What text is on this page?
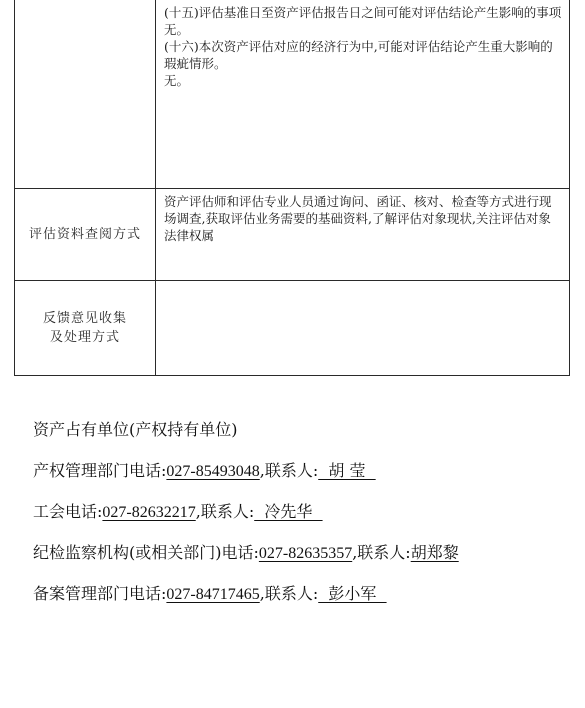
	(十五)评估基准日至资产评估报告日之间可能对评估结论产生影响的事项

无。

(十六)本次资产评估对应的经济行为中,可能对评估结论产生重大影响的瑕疵情形。

无。

评估资料查阅方式	资产评估师和评估专业人员通过询问、函证、核对、检查等方式进行现场调查,获取评估业务需要的基础资料,了解评估对象现状,关注评估对象法律权属

反馈意见收集
及处理方式	

资产占有单位(产权持有单位)
产权管理部门电话:027-85493048,联系人:  胡 莹
工会电话:027-82632217,联系人:  冷先华
纪检监察机构(或相关部门)电话:027-82635357,联系人:胡郑黎
备案管理部门电话:027-84717465,联系人:  彭小军
